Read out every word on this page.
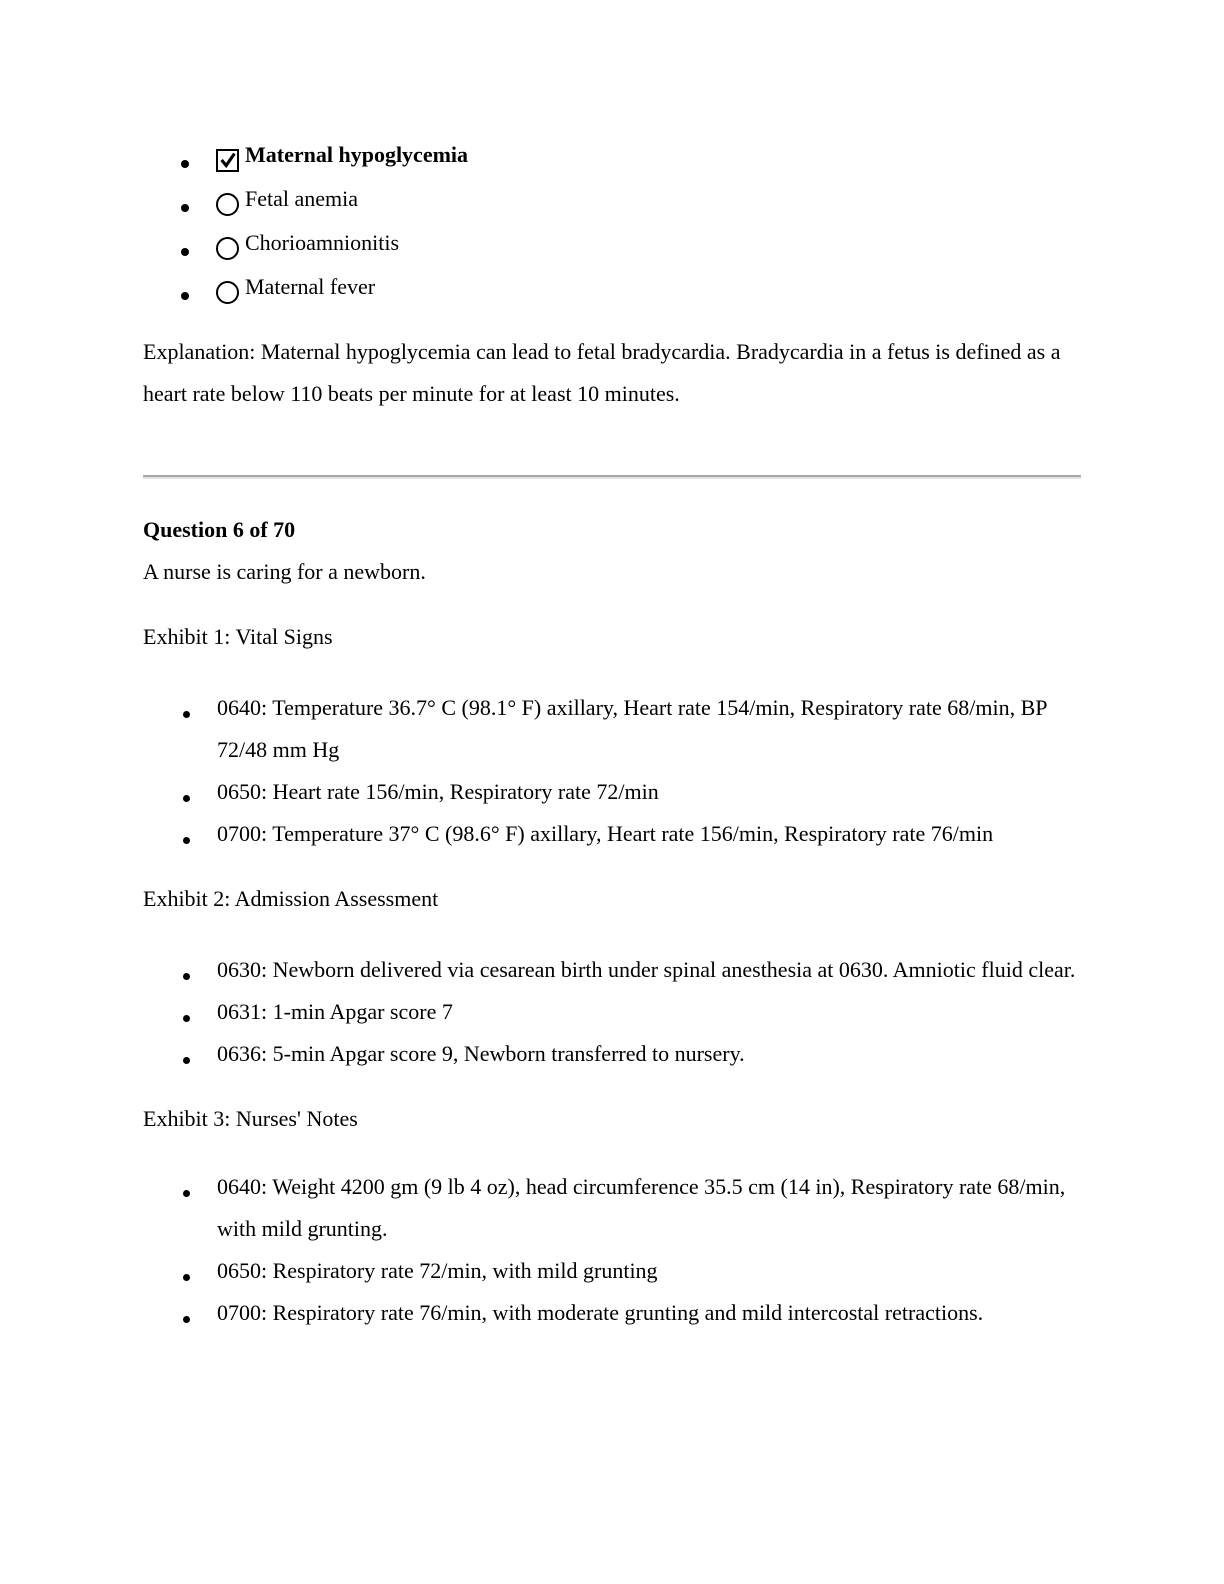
Maternal hypoglycemia
Fetal anemia
Chorioamnionitis
Maternal fever

Explanation: Maternal hypoglycemia can lead to fetal bradycardia. Bradycardia in a fetus is defined as a heart rate below 110 beats per minute for at least 10 minutes.

Question 6 of 70

A nurse is caring for a newborn.

Exhibit 1: Vital Signs

0640: Temperature 36.7° C (98.1° F) axillary, Heart rate 154/min, Respiratory rate 68/min, BP 72/48 mm Hg
0650: Heart rate 156/min, Respiratory rate 72/min
0700: Temperature 37° C (98.6° F) axillary, Heart rate 156/min, Respiratory rate 76/min

Exhibit 2: Admission Assessment

0630: Newborn delivered via cesarean birth under spinal anesthesia at 0630. Amniotic fluid clear.
0631: 1-min Apgar score 7
0636: 5-min Apgar score 9, Newborn transferred to nursery.

Exhibit 3: Nurses' Notes

0640: Weight 4200 gm (9 lb 4 oz), head circumference 35.5 cm (14 in), Respiratory rate 68/min, with mild grunting.
0650: Respiratory rate 72/min, with mild grunting
0700: Respiratory rate 76/min, with moderate grunting and mild intercostal retractions.
